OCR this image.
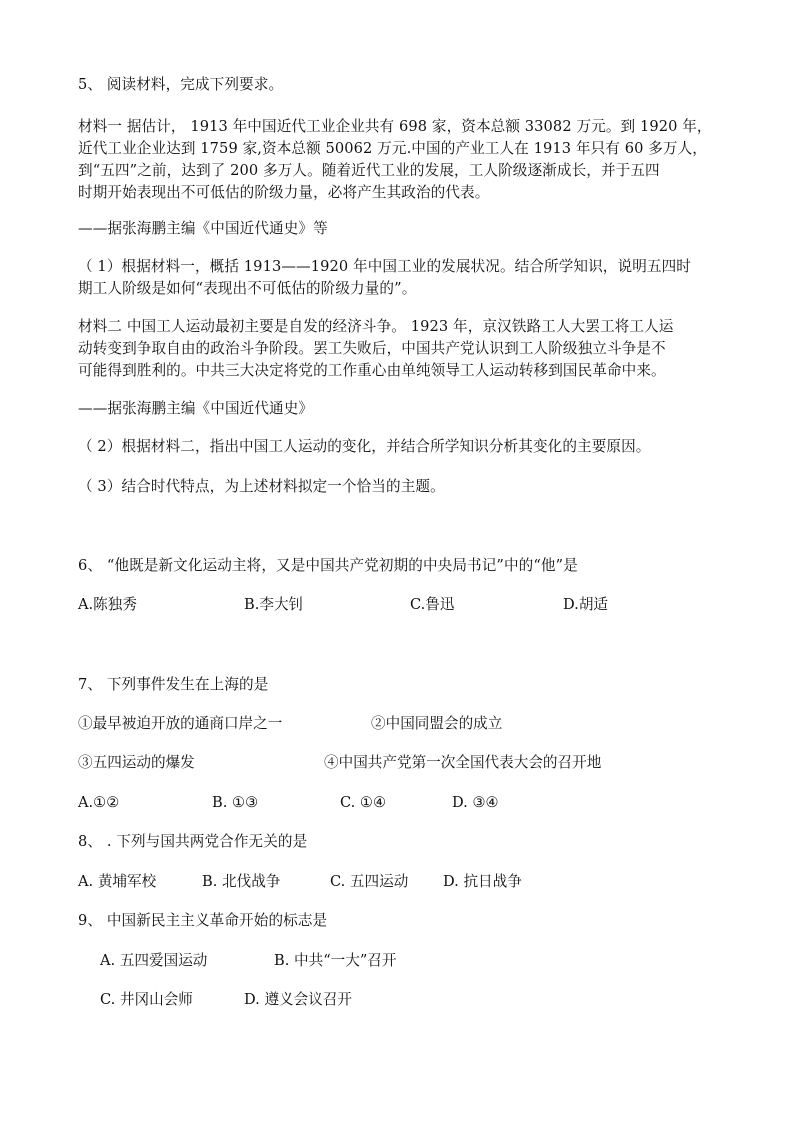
5、 阅读材料，完成下列要求。
材料一 据估计， 1913 年中国近代工业企业共有 698 家，资本总额 33082 万元。到 1920 年，
近代工业企业达到 1759 家,资本总额 50062 万元.中国的产业工人在 1913 年只有 60 多万人，
到“五四”之前，达到了 200 多万人。随着近代工业的发展，工人阶级逐渐成长，并于五四
时期开始表现出不可低估的阶级力量，必将产生其政治的代表。
——据张海鹏主编《中国近代通史》等
（ 1）根据材料一，概括 1913——1920 年中国工业的发展状况。结合所学知识，说明五四时
期工人阶级是如何“表现出不可低估的阶级力量的”。
材料二 中国工人运动最初主要是自发的经济斗争。 1923 年，京汉铁路工人大罢工将工人运
动转变到争取自由的政治斗争阶段。罢工失败后，中国共产党认识到工人阶级独立斗争是不
可能得到胜利的。中共三大决定将党的工作重心由单纯领导工人运动转移到国民革命中来。
——据张海鹏主编《中国近代通史》
（ 2）根据材料二，指出中国工人运动的变化，并结合所学知识分析其变化的主要原因。
（ 3）结合时代特点，为上述材料拟定一个恰当的主题。
6、 “他既是新文化运动主将，又是中国共产党初期的中央局书记”中的“他”是
A.陈独秀	B.李大钊	C.鲁迅	D.胡适
7、 下列事件发生在上海的是
①最早被迫开放的通商口岸之一	②中国同盟会的成立
③五四运动的爆发	④中国共产党第一次全国代表大会的召开地
A.①②	B. ①③	C. ①④	D. ③④
8、 . 下列与国共两党合作无关的是
A. 黄埔军校	B. 北伐战争	C. 五四运动 D. 抗日战争
9、 中国新民主主义革命开始的标志是
A. 五四爱国运动	B. 中共“一大”召开
C. 井冈山会师	D. 遵义会议召开
